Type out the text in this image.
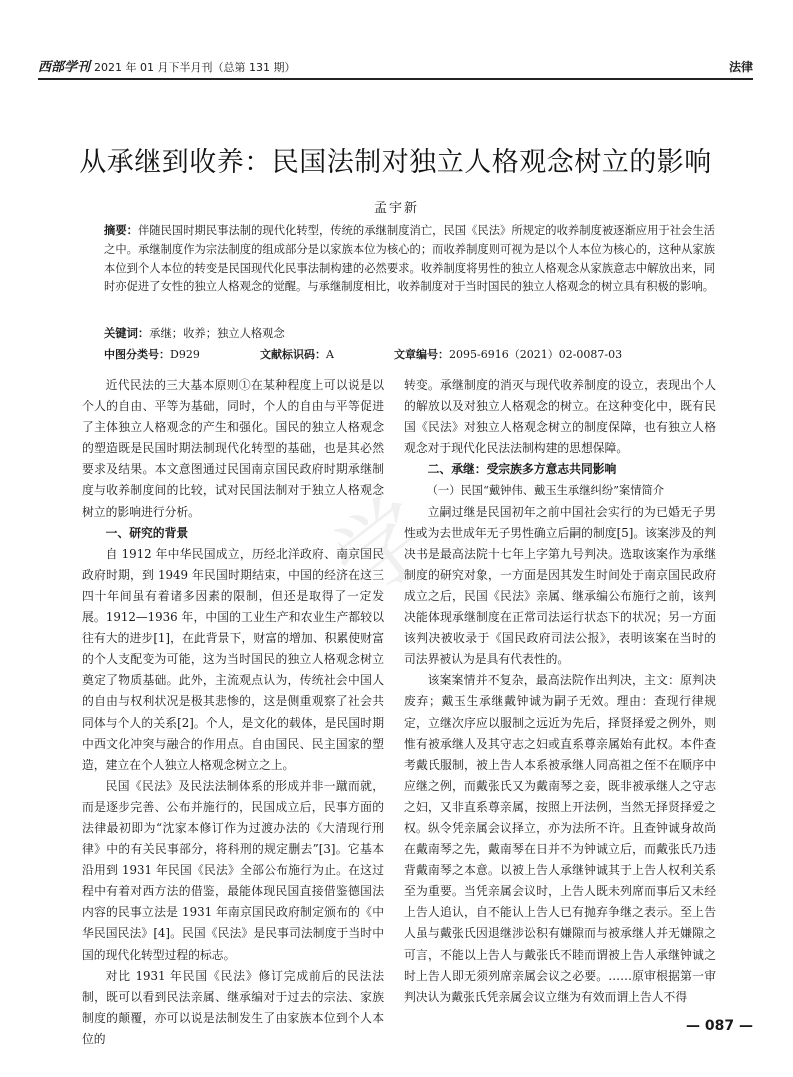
西部学刊 2021 年 01 月下半月刊（总第 131 期）	法律
学
从承继到收养：民国法制对独立人格观念树立的影响
孟宇新
摘要：伴随民国时期民事法制的现代化转型，传统的承继制度消亡，民国《民法》所规定的收养制度被逐渐应用于社会生活之中。承继制度作为宗法制度的组成部分是以家族本位为核心的；而收养制度则可视为是以个人本位为核心的，这种从家族本位到个人本位的转变是民国现代化民事法制构建的必然要求。收养制度将男性的独立人格观念从家族意志中解放出来，同时亦促进了女性的独立人格观念的觉醒。与承继制度相比，收养制度对于当时国民的独立人格观念的树立具有积极的影响。
关键词：承继；收养；独立人格观念
中图分类号：D929	文献标识码：A	文章编号：2095-6916（2021）02-0087-03

近代民法的三大基本原则①在某种程度上可以说是以个人的自由、平等为基础，同时，个人的自由与平等促进了主体独立人格观念的产生和强化。国民的独立人格观念的塑造既是民国时期法制现代化转型的基础，也是其必然要求及结果。本文意图通过民国南京国民政府时期承继制度与收养制度间的比较，试对民国法制对于独立人格观念树立的影响进行分析。

一、研究的背景

自 1912 年中华民国成立，历经北洋政府、南京国民政府时期，到 1949 年民国时期结束，中国的经济在这三四十年间虽有着诸多因素的限制，但还是取得了一定发展。1912—1936 年，中国的工业生产和农业生产都较以往有大的进步[1]，在此背景下，财富的增加、积累使财富的个人支配变为可能，这为当时国民的独立人格观念树立奠定了物质基础。此外，主流观点认为，传统社会中国人的自由与权利状况是极其悲惨的，这是侧重观察了社会共同体与个人的关系[2]。个人，是文化的载体，是民国时期中西文化冲突与融合的作用点。自由国民、民主国家的塑造，建立在个人独立人格观念树立之上。

民国《民法》及民法法制体系的形成并非一蹴而就，而是逐步完善、公布并施行的，民国成立后，民事方面的法律最初即为“沈家本修订作为过渡办法的《大清现行刑律》中的有关民事部分，将科刑的规定删去”[3]。它基本沿用到 1931 年民国《民法》全部公布施行为止。在这过程中有着对西方法的借鉴，最能体现民国直接借鉴德国法内容的民事立法是 1931 年南京国民政府制定颁布的《中华民国民法》[4]。民国《民法》是民事司法制度于当时中国的现代化转型过程的标志。

对比 1931 年民国《民法》修订完成前后的民法法制，既可以看到民法亲属、继承编对于过去的宗法、家族制度的颠覆，亦可以说是法制发生了由家族本位到个人本位的

转变。承继制度的消灭与现代收养制度的设立，表现出个人的解放以及对独立人格观念的树立。在这种变化中，既有民国《民法》对独立人格观念树立的制度保障，也有独立人格观念对于现代化民法法制构建的思想保障。

二、承继：受宗族多方意志共同影响
（一）民国“戴钟伟、戴玉生承继纠纷”案情简介

立嗣过继是民国初年之前中国社会实行的为已婚无子男性或为去世成年无子男性确立后嗣的制度[5]。该案涉及的判决书是最高法院十七年上字第九号判决。选取该案作为承继制度的研究对象，一方面是因其发生时间处于南京国民政府成立之后，民国《民法》亲属、继承编公布施行之前，该判决能体现承继制度在正常司法运行状态下的状况；另一方面该判决被收录于《国民政府司法公报》，表明该案在当时的司法界被认为是具有代表性的。

该案案情并不复杂，最高法院作出判决，主文：原判决废弃；戴玉生承继戴钟诚为嗣子无效。理由：查现行律规定，立继次序应以服制之远近为先后，择贤择爱之例外，则惟有被承继人及其守志之妇或直系尊亲属始有此权。本件查考戴氏服制，被上告人本系被承继人同高祖之侄不在顺序中应继之例，而戴张氏又为戴南琴之妾，既非被承继人之守志之妇，又非直系尊亲属，按照上开法例，当然无择贤择爱之权。纵令凭亲属会议择立，亦为法所不许。且查钟诚身故尚在戴南琴之先，戴南琴在日并不为钟诚立后，而戴张氏乃违背戴南琴之本意。以被上告人承继钟诚其于上告人权利关系至为重要。当凭亲属会议时，上告人既未列席而事后又未经上告人追认，自不能认上告人已有抛弃争继之表示。至上告人虽与戴张氏因退继涉讼积有嫌隙而与被承继人并无嫌隙之可言，不能以上告人与戴张氏不睦而谓被上告人承继钟诚之时上告人即无须列席亲属会议之必要。……原审根据第一审判决认为戴张氏凭亲属会议立继为有效而谓上告人不得

— 087 —
